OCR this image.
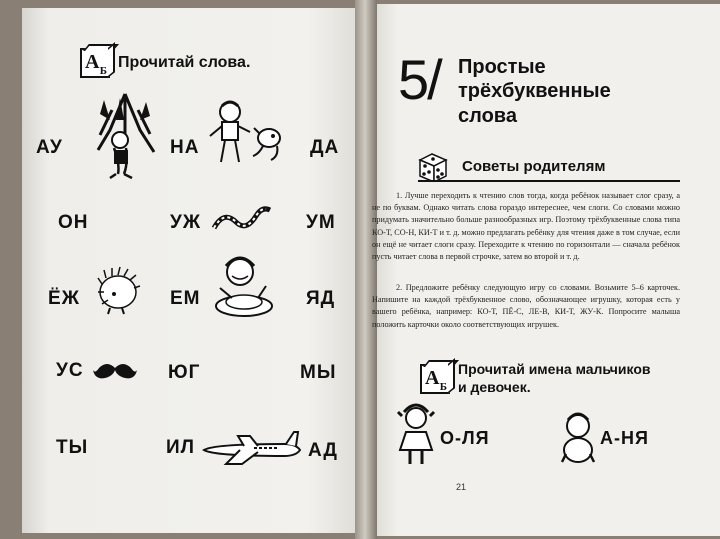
А Б Прочитай слова.
АУ	НА	ДА
ОН	УЖ	УМ
ЁЖ	ЕМ	ЯД
УС	ЮГ	МЫ
ТЫ	ИЛ	АД
5/ Простые
трёхбуквенные
слова
Советы родителям
1. Лучше переходить к чтению слов тогда, когда ребёнок называет слог сразу, а не по буквам. Однако читать слова гораздо интереснее, чем слоги. Со словами можно придумать значительно больше разнообразных игр. Поэтому трёхбуквенные слова типа КО-Т, СО-Н, КИ-Т и т. д. можно предлагать ребёнку для чтения даже в том случае, если он ещё не читает слоги сразу. Переходите к чтению по горизонтали — сначала ребёнок пусть читает слова в первой строчке, затем во второй и т. д.
2. Предложите ребёнку следующую игру со словами. Возьмите 5–6 карточек. Напишите на каждой трёхбуквенное слово, обозначающее игрушку, которая есть у вашего ребёнка, например: КО-Т, ПЁ-С, ЛЕ-В, КИ-Т, ЖУ-К. Попросите малыша положить карточки около соответствующих игрушек.
А Б
Прочитай имена мальчиков
и девочек.
О-ЛЯ	А-НЯ
21
